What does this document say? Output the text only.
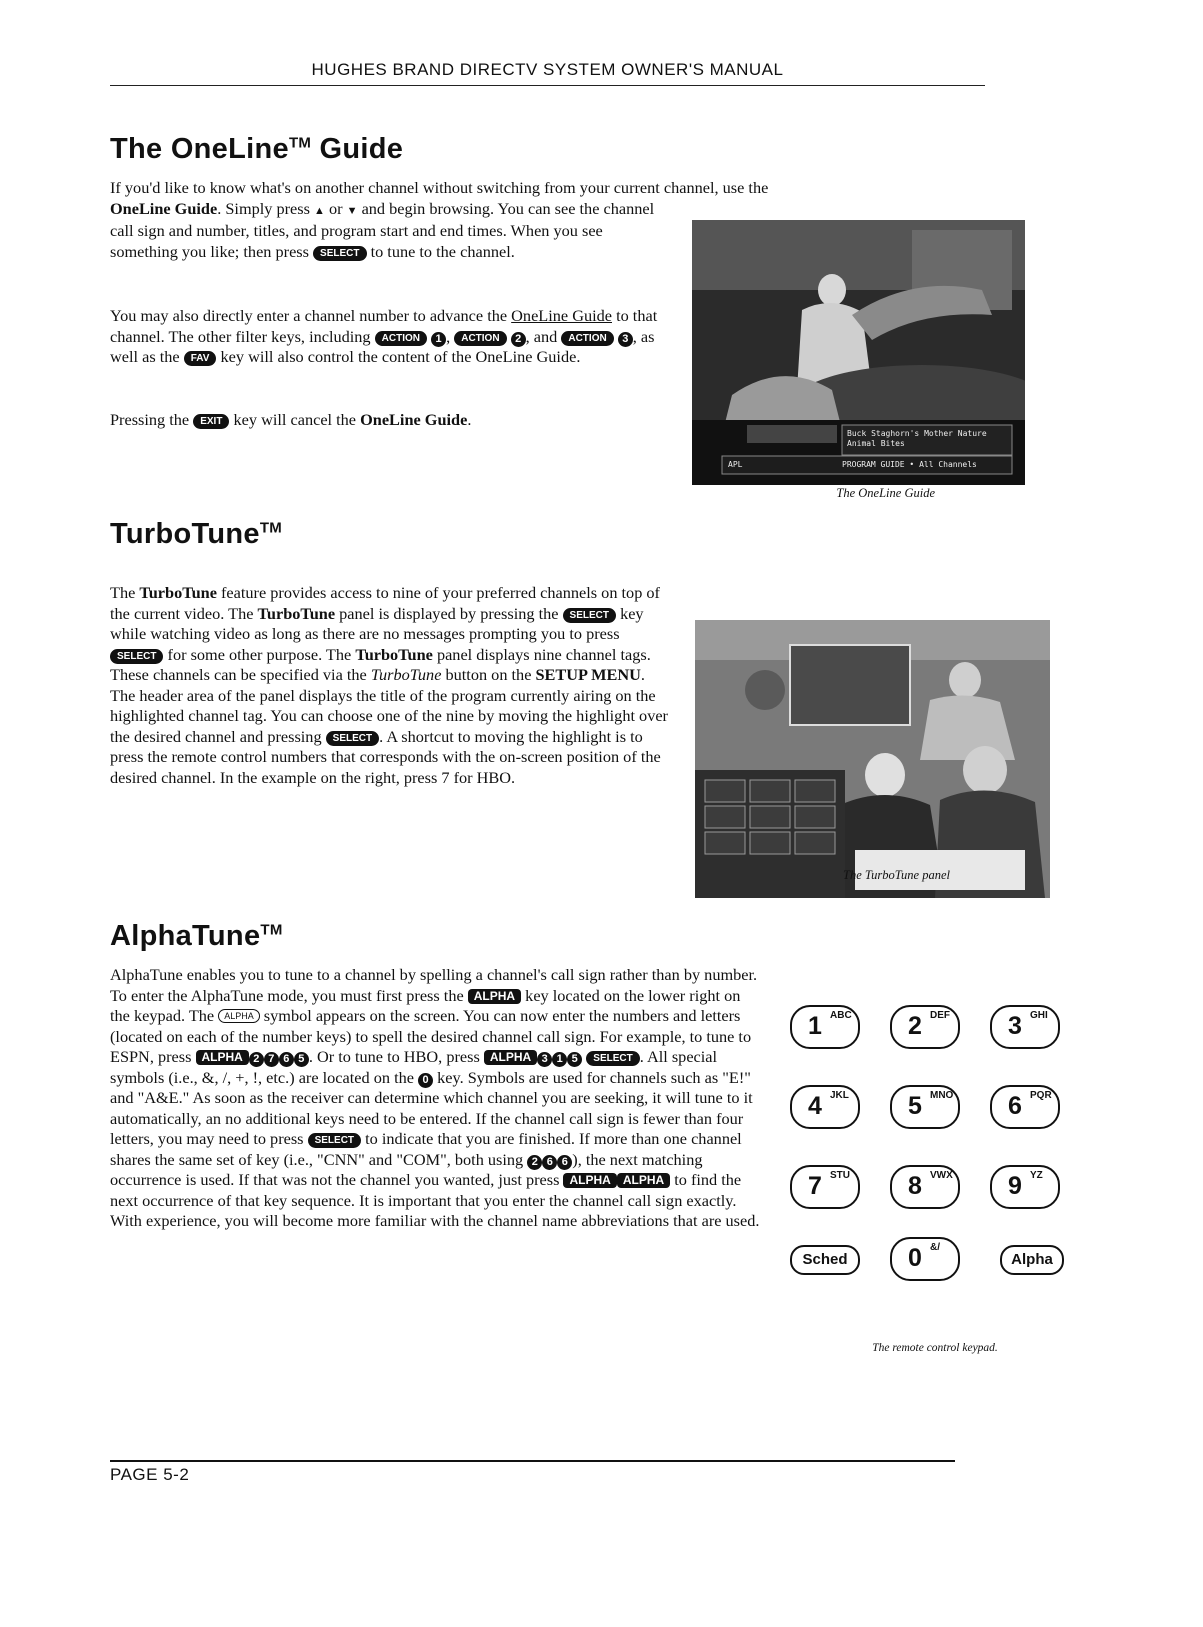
HUGHES BRAND DIRECTV SYSTEM OWNER'S MANUAL
The OneLine™ Guide
If you'd like to know what's on another channel without switching from your current channel, use the
OneLine Guide. Simply press ▲ or ▼ and begin browsing. You can see the channel call sign and number, titles, and program start and end times. When you see something you like; then press SELECT to tune to the channel.
You may also directly enter a channel number to advance the OneLine Guide to that channel. The other filter keys, including ACTION 1 , ACTION 2 , and ACTION 3 , as well as the FAV key will also control the content of the OneLine Guide.
Pressing the EXIT key will cancel the OneLine Guide.
Buck Staghorn's Mother Nature
Animal Bites
APL	PROGRAM GUIDE • All Channels
The OneLine Guide
TurboTune™
The TurboTune feature provides access to nine of your preferred channels on top of the current video. The TurboTune panel is displayed by pressing the SELECT key while watching video as long as there are no messages prompting you to press SELECT for some other purpose. The TurboTune panel displays nine channel tags. These channels can be specified via the TurboTune button on the SETUP MENU. The header area of the panel displays the title of the program currently airing on the highlighted channel tag. You can choose one of the nine by moving the highlight over the desired channel and pressing SELECT . A shortcut to moving the highlight is to press the remote control numbers that corresponds with the on-screen position of the desired channel. In the example on the right, press 7 for HBO.
The TurboTune panel
AlphaTune™
AlphaTune enables you to tune to a channel by spelling a channel's call sign rather than by number. To enter the AlphaTune mode, you must first press the ALPHA key located on the lower right on the keypad. The ALPHA symbol appears on the screen. You can now enter the numbers and letters (located on each of the number keys) to spell the desired channel call sign. For example, to tune to ESPN, press ALPHA 2 7 6 5 . Or to tune to HBO, press ALPHA 3 1 5 SELECT . All special symbols (i.e., &, /, +, !, etc.) are located on the 0 key. Symbols are used for channels such as "E!" and "A&E." As soon as the receiver can determine which channel you are seeking, it will tune to it automatically, an no additional keys need to be entered. If the channel call sign is fewer than four letters, you may need to press SELECT to indicate that you are finished. If more than one channel shares the same set of key (i.e., "CNN" and "COM", both using 2 6 6 ), the next matching occurrence is used. If that was not the channel you wanted, just press ALPHA ALPHA to find the next occurrence of that key sequence. It is important that you enter the channel call sign exactly. With experience, you will become more familiar with the channel name abbreviations that are used.
1 ABC 2 DEF 3 GHI
4 JKL 5 MNO 6 PQR
7 STU 8 VWX 9 YZ
Sched	0 &/
Alpha
The remote control keypad.
PAGE 5-2
